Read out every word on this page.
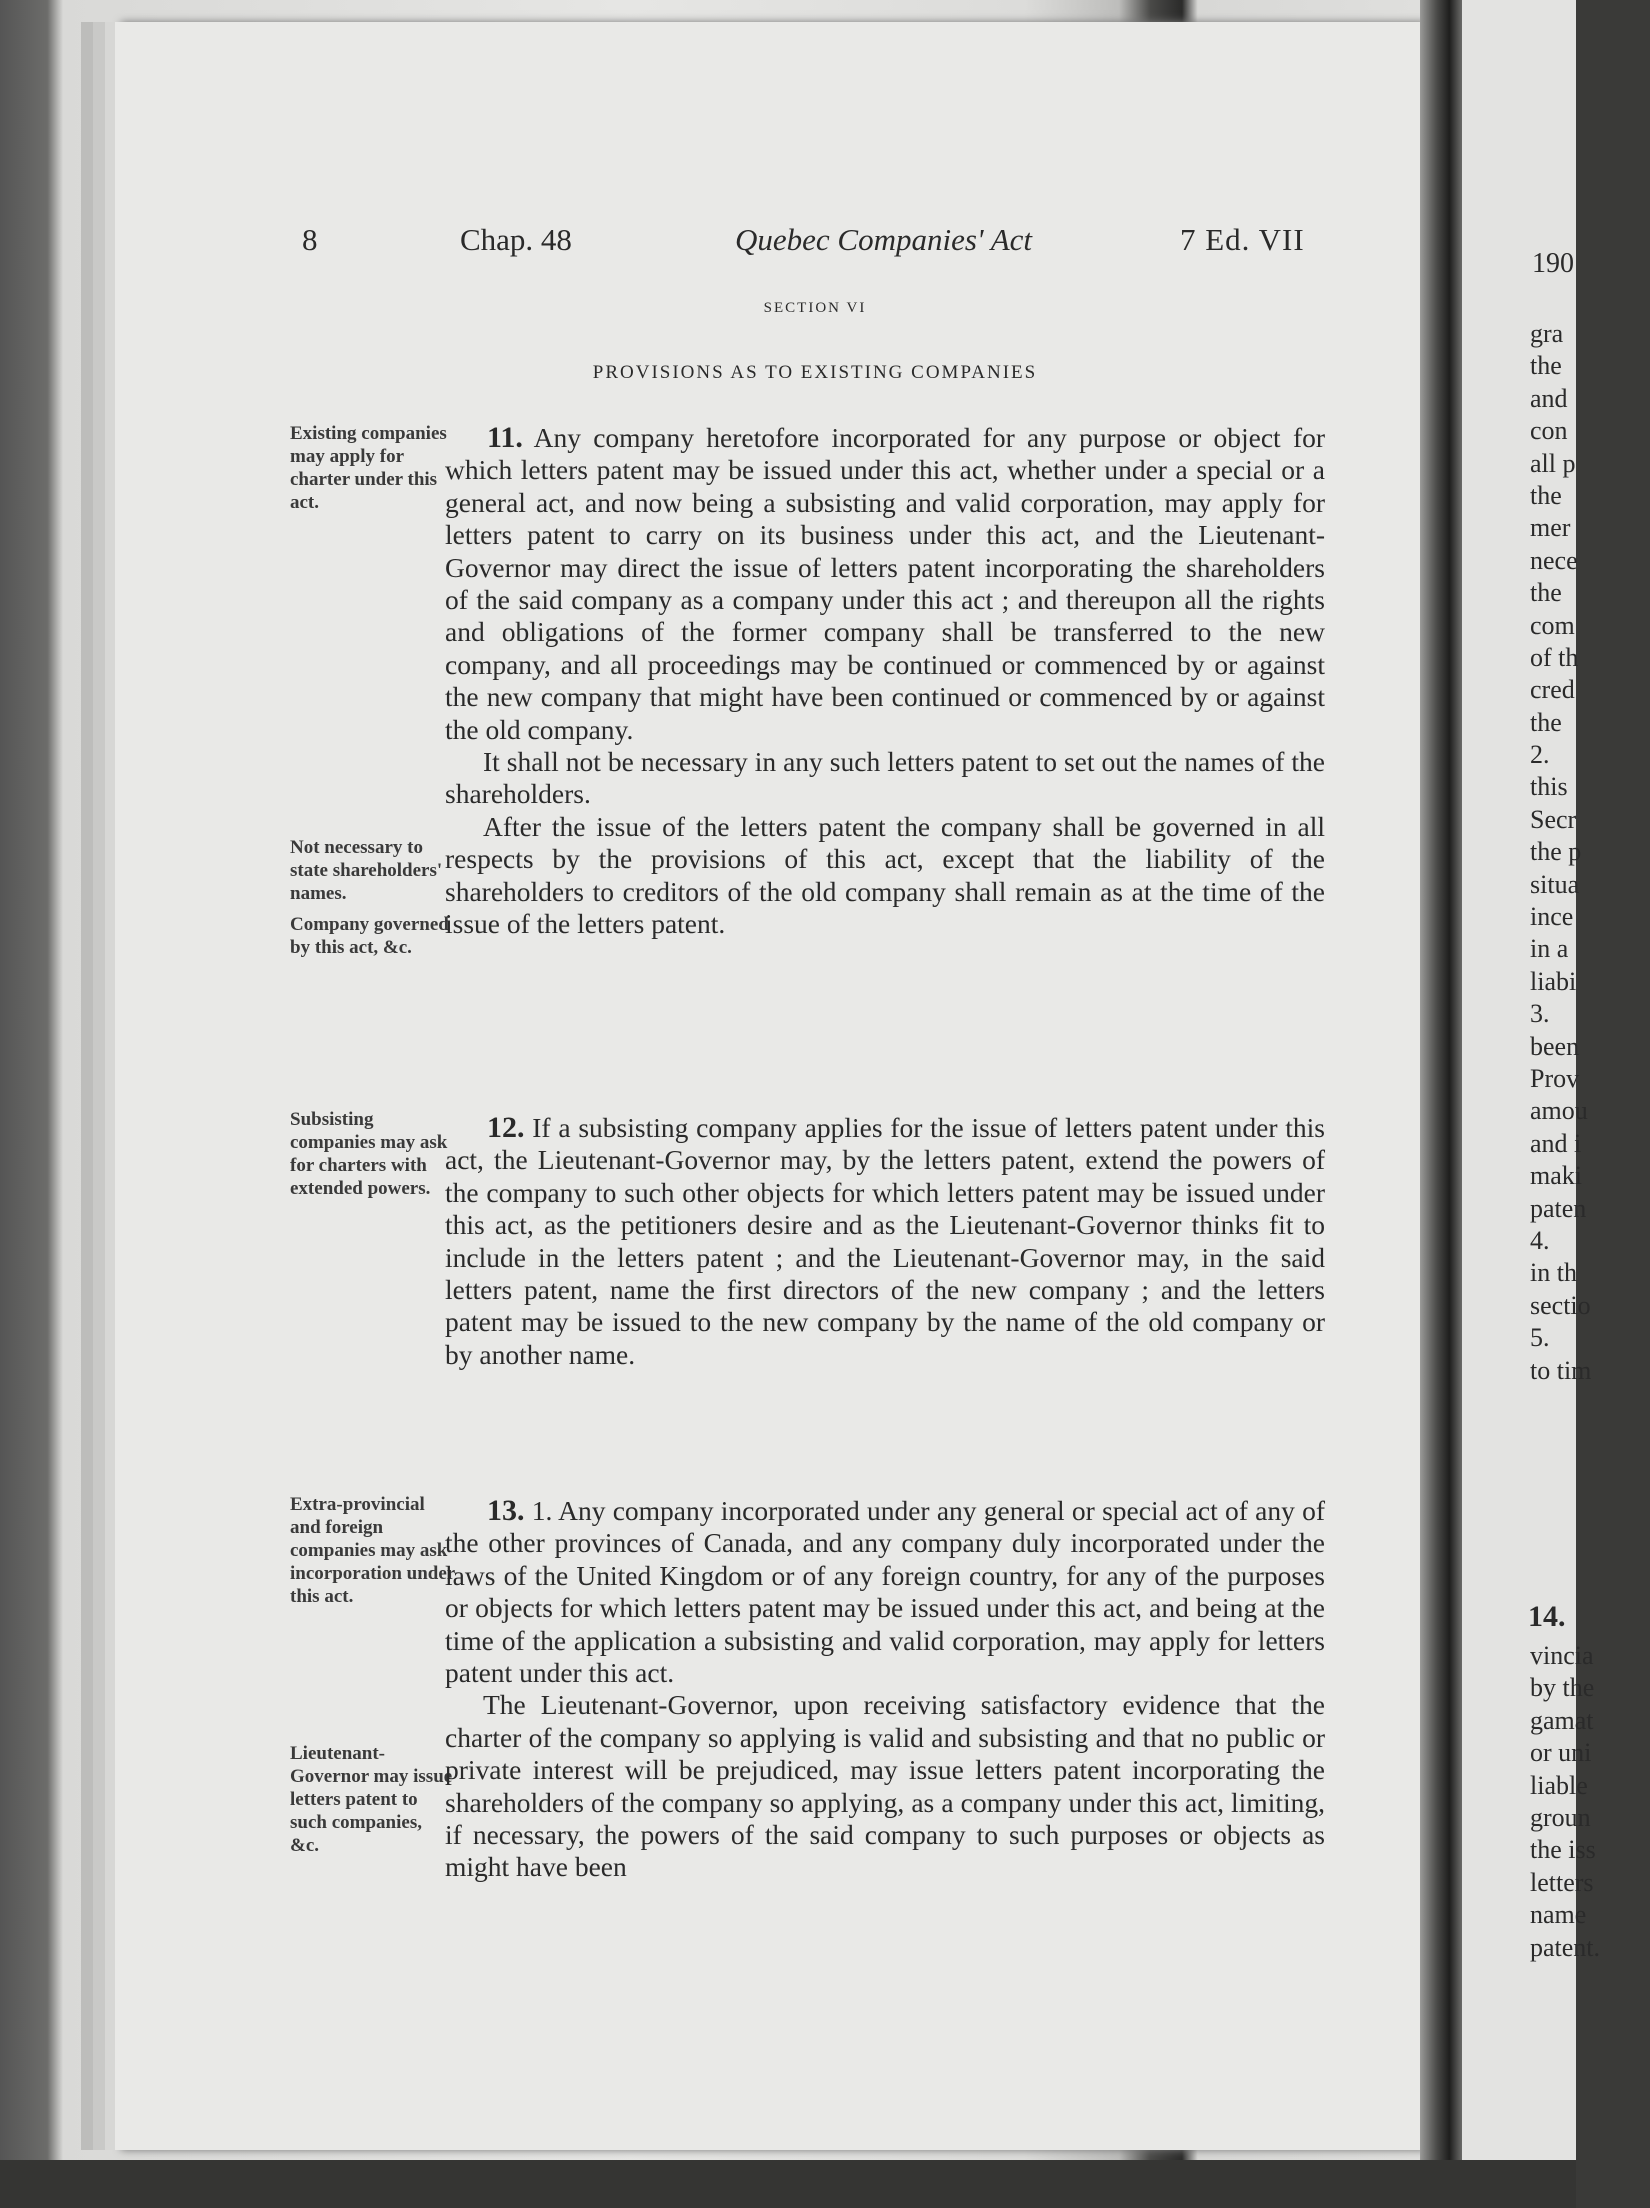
8	Chap. 48	Quebec Companies' Act	7 Ed. VII
SECTION VI
PROVISIONS AS TO EXISTING COMPANIES
Existing companies may apply for charter under this act.
Not necessary to state shareholders' names.
Company governed by this act, &c.
Subsisting companies may ask for charters with extended powers.
Extra-provincial and foreign companies may ask incorporation under this act.
Lieutenant-Governor may issue letters patent to such companies, &c.

11. Any company heretofore incorporated for any purpose or object for which letters patent may be issued under this act, whether under a special or a general act, and now being a subsisting and valid corporation, may apply for letters patent to carry on its business under this act, and the Lieutenant-Governor may direct the issue of letters patent incorporating the shareholders of the said company as a company under this act ; and thereupon all the rights and obligations of the former company shall be transferred to the new company, and all proceedings may be continued or commenced by or against the new company that might have been continued or commenced by or against the old company.

It shall not be necessary in any such letters patent to set out the names of the shareholders.

After the issue of the letters patent the company shall be governed in all respects by the provisions of this act, except that the liability of the shareholders to creditors of the old company shall remain as at the time of the issue of the letters patent.

12. If a subsisting company applies for the issue of letters patent under this act, the Lieutenant-Governor may, by the letters patent, extend the powers of the company to such other objects for which letters patent may be issued under this act, as the petitioners desire and as the Lieutenant-Governor thinks fit to include in the letters patent ; and the Lieutenant-Governor may, in the said letters patent, name the first directors of the new company ; and the letters patent may be issued to the new company by the name of the old company or by another name.

13. 1. Any company incorporated under any general or special act of any of the other provinces of Canada, and any company duly incorporated under the laws of the United Kingdom or of any foreign country, for any of the purposes or objects for which letters patent may be issued under this act, and being at the time of the application a subsisting and valid corporation, may apply for letters patent under this act.

The Lieutenant-Governor, upon receiving satisfactory evidence that the charter of the company so applying is valid and subsisting and that no public or private interest will be prejudiced, may issue letters patent incorporating the shareholders of the company so applying, as a company under this act, limiting, if necessary, the powers of the said company to such purposes or objects as might have been

190
gra
the
and
con
all p
the
mer
nece
the
com
of th
cred
the
2.
this
Secr
the p
situa
ince
in a
liabi
3.
been
Prov
amou
and i
maki
paten
4.
in th
sectio
5.
to tim
14.
vincia
by the
gamat
or uni
liable
groun
the iss
letters
name
patent.
